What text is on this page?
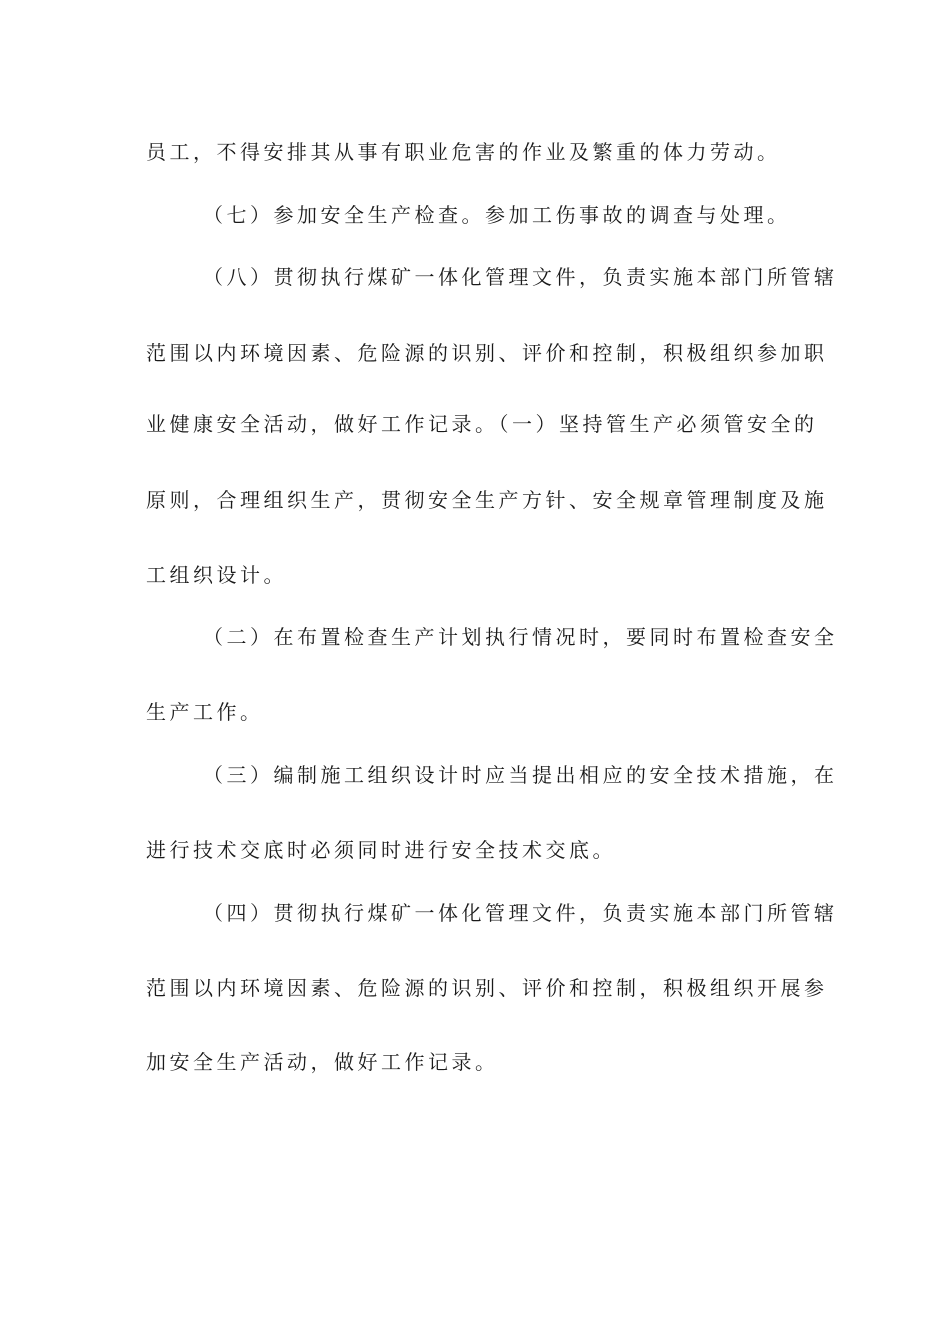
员工，不得安排其从事有职业危害的作业及繁重的体力劳动。
（七）参加安全生产检查。参加工伤事故的调查与处理。
（八）贯彻执行煤矿一体化管理文件，负责实施本部门所管辖
范围以内环境因素、危险源的识别、评价和控制，积极组织参加职
业健康安全活动，做好工作记录。（一）坚持管生产必须管安全的
原则，合理组织生产，贯彻安全生产方针、安全规章管理制度及施
工组织设计。
（二）在布置检查生产计划执行情况时，要同时布置检查安全
生产工作。
（三）编制施工组织设计时应当提出相应的安全技术措施，在
进行技术交底时必须同时进行安全技术交底。
（四）贯彻执行煤矿一体化管理文件，负责实施本部门所管辖
范围以内环境因素、危险源的识别、评价和控制，积极组织开展参
加安全生产活动，做好工作记录。
